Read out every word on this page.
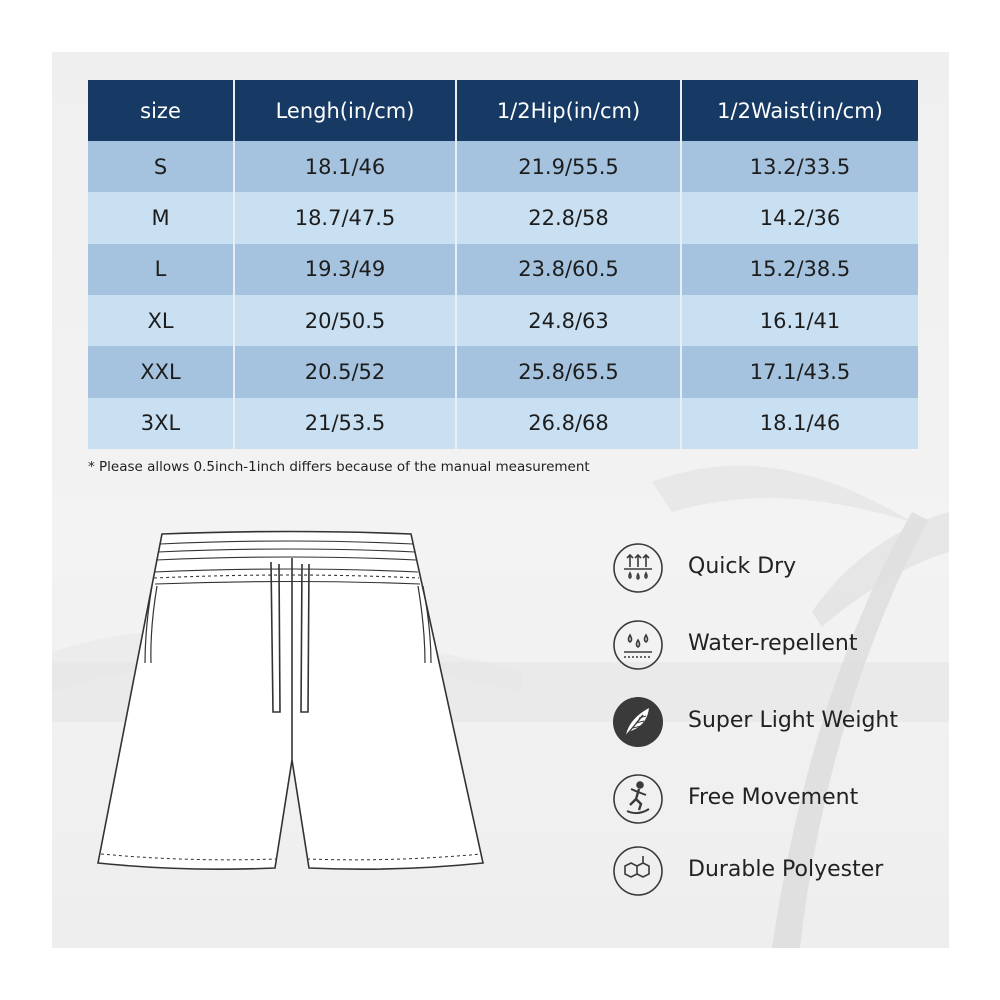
size	Lengh(in/cm)	1/2Hip(in/cm)	1/2Waist(in/cm)
S	18.1/46	21.9/55.5	13.2/33.5
M	18.7/47.5	22.8/58	14.2/36
L	19.3/49	23.8/60.5	15.2/38.5
XL	20/50.5	24.8/63	16.1/41
XXL	20.5/52	25.8/65.5	17.1/43.5
3XL	21/53.5	26.8/68	18.1/46
* Please allows 0.5inch-1inch differs because of the manual measurement
Quick Dry
Water-repellent
Super Light Weight
Free Movement
Durable Polyester
